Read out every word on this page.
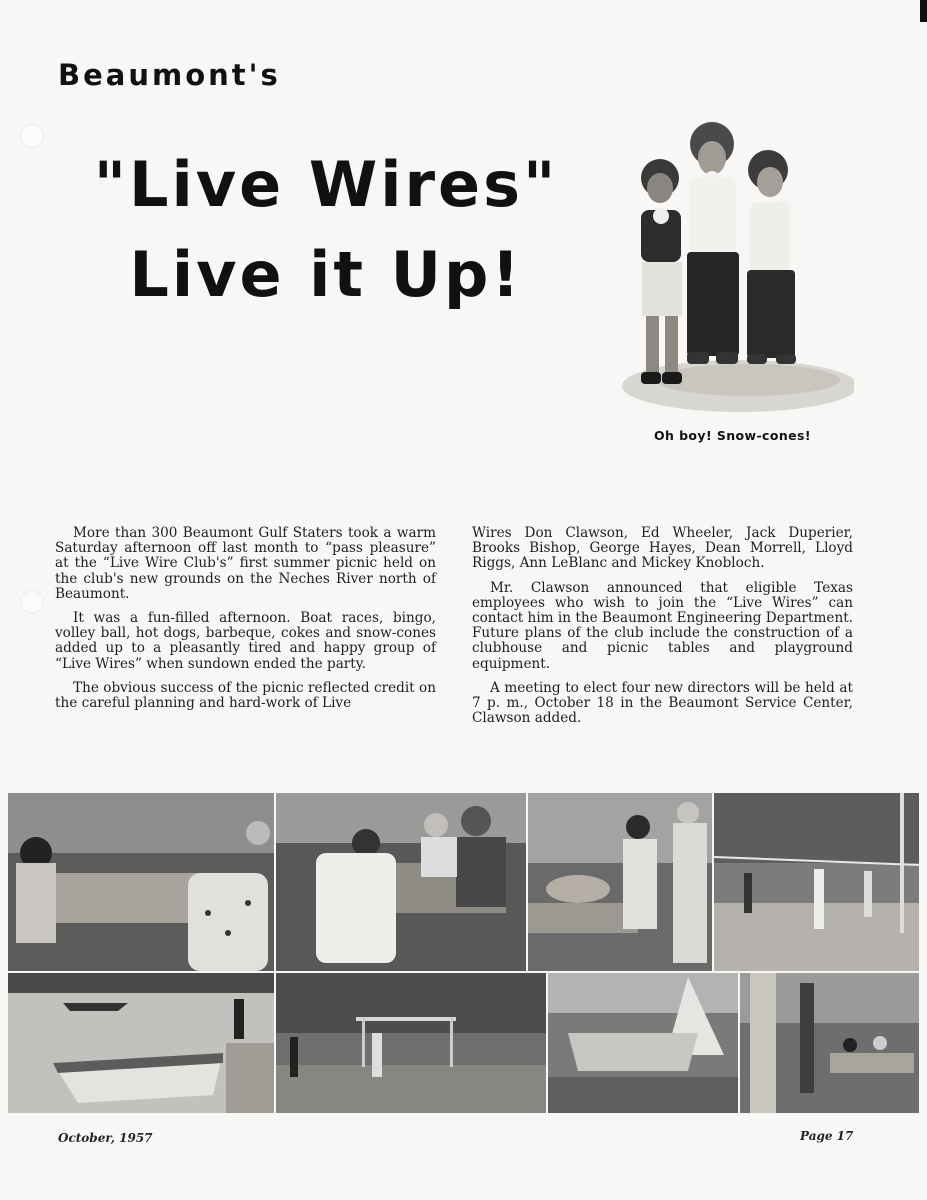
Beaumont's
"Live Wires"
Live it Up!
Oh boy! Snow-cones!

More than 300 Beaumont Gulf Staters took a warm Saturday afternoon off last month to “pass pleasure” at the “Live Wire Club's” first summer picnic held on the club's new grounds on the Neches River north of Beaumont.

It was a fun-filled afternoon. Boat races, bingo, volley ball, hot dogs, barbeque, cokes and snow-cones added up to a pleasantly tired and happy group of “Live Wires” when sundown ended the party.

The obvious success of the picnic reflected credit on the careful planning and hard-work of Live

Wires Don Clawson, Ed Wheeler, Jack Duperier, Brooks Bishop, George Hayes, Dean Morrell, Lloyd Riggs, Ann LeBlanc and Mickey Knobloch.

Mr. Clawson announced that eligible Texas employees who wish to join the “Live Wires” can contact him in the Beaumont Engineering Department. Future plans of the club include the construction of a clubhouse and picnic tables and playground equipment.

A meeting to elect four new directors will be held at 7 p. m., October 18 in the Beaumont Service Center, Clawson added.

October, 1957	Page 17
